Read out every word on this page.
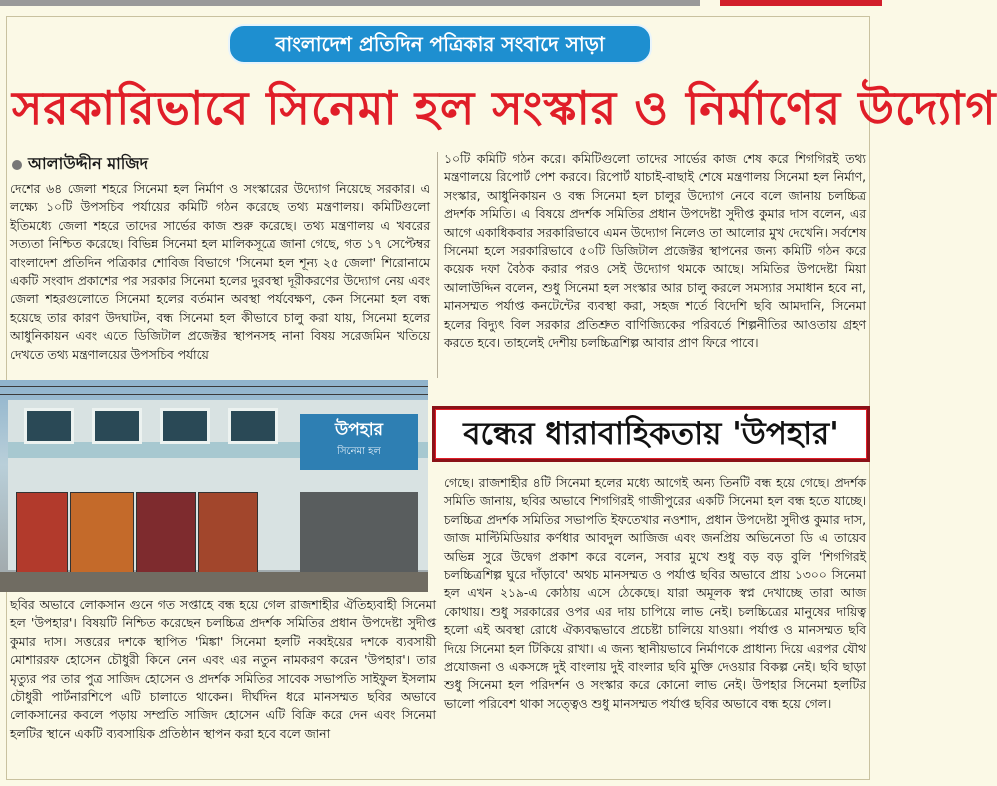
বাংলাদেশ প্রতিদিন পত্রিকার সংবাদে সাড়া
সরকারিভাবে সিনেমা হল সংস্কার ও নির্মাণের উদ্যোগ
আলাউদ্দীন মাজিদ
দেশের ৬৪ জেলা শহরে সিনেমা হল নির্মাণ ও সংস্কারের উদ্যোগ নিয়েছে সরকার। এ লক্ষ্যে ১০টি উপসচিব পর্যায়ের কমিটি গঠন করেছে তথ্য মন্ত্রণালয়। কমিটিগুলো ইতিমধ্যে জেলা শহরে তাদের সার্ভের কাজ শুরু করেছে। তথ্য মন্ত্রণালয় এ খবরের সত্যতা নিশ্চিত করেছে। বিভিন্ন সিনেমা হল মালিকসূত্রে জানা গেছে, গত ১৭ সেপ্টেম্বর বাংলাদেশ প্রতিদিন পত্রিকার শোবিজ বিভাগে 'সিনেমা হল শূন্য ২৫ জেলা' শিরোনামে একটি সংবাদ প্রকাশের পর সরকার সিনেমা হলের দুরবস্থা দূরীকরণের উদ্যোগ নেয় এবং জেলা শহরগুলোতে সিনেমা হলের বর্তমান অবস্থা পর্যবেক্ষণ, কেন সিনেমা হল বন্ধ হয়েছে তার কারণ উদঘাটন, বন্ধ সিনেমা হল কীভাবে চালু করা যায়, সিনেমা হলের আধুনিকায়ন এবং এতে ডিজিটাল প্রজেক্টর স্থাপনসহ নানা বিষয় সরেজমিন খতিয়ে দেখতে তথ্য মন্ত্রণালয়ের উপসচিব পর্যায়ে
১০টি কমিটি গঠন করে। কমিটিগুলো তাদের সার্ভের কাজ শেষ করে শিগগিরই তথ্য মন্ত্রণালয়ে রিপোর্ট পেশ করবে। রিপোর্ট যাচাই-বাছাই শেষে মন্ত্রণালয় সিনেমা হল নির্মাণ, সংস্কার, আধুনিকায়ন ও বন্ধ সিনেমা হল চালুর উদ্যোগ নেবে বলে জানায় চলচ্চিত্র প্রদর্শক সমিতি। এ বিষয়ে প্রদর্শক সমিতির প্রধান উপদেষ্টা সুদীপ্ত কুমার দাস বলেন, এর আগে একাধিকবার সরকারিভাবে এমন উদ্যোগ নিলেও তা আলোর মুখ দেখেনি। সর্বশেষ সিনেমা হলে সরকারিভাবে ৫০টি ডিজিটাল প্রজেক্টর স্থাপনের জন্য কমিটি গঠন করে কয়েক দফা বৈঠক করার পরও সেই উদ্যোগ থমকে আছে। সমিতির উপদেষ্টা মিয়া আলাউদ্দিন বলেন, শুধু সিনেমা হল সংস্কার আর চালু করলে সমস্যার সমাধান হবে না, মানসম্মত পর্যাপ্ত কনটেন্টের ব্যবস্থা করা, সহজ শর্তে বিদেশি ছবি আমদানি, সিনেমা হলের বিদ্যুৎ বিল সরকার প্রতিশ্রুত বাণিজ্যিকের পরিবর্তে শিল্পনীতির আওতায় গ্রহণ করতে হবে। তাহলেই দেশীয় চলচ্চিত্রশিল্প আবার প্রাণ ফিরে পাবে।
উপহার
সিনেমা হল	বন্ধের ধারাবাহিকতায় 'উপহার'
গেছে। রাজশাহীর ৪টি সিনেমা হলের মধ্যে আগেই অন্য তিনটি বন্ধ হয়ে গেছে। প্রদর্শক সমিতি জানায়, ছবির অভাবে শিগগিরই গাজীপুরের একটি সিনেমা হল বন্ধ হতে যাচ্ছে। চলচ্চিত্র প্রদর্শক সমিতির সভাপতি ইফতেখার নওশাদ, প্রধান উপদেষ্টা সুদীপ্ত কুমার দাস, জাজ মাল্টিমিডিয়ার কর্ণধার আবদুল আজিজ এবং জনপ্রিয় অভিনেতা ডি এ তায়েব অভিন্ন সুরে উদ্বেগ প্রকাশ করে বলেন, সবার মুখে শুধু বড় বড় বুলি 'শিগগিরই চলচ্চিত্রশিল্প ঘুরে দাঁড়াবে' অথচ মানসম্মত ও পর্যাপ্ত ছবির অভাবে প্রায় ১৩০০ সিনেমা হল এখন ২১৯-এ কোঠায় এসে ঠেকেছে। যারা অমূলক স্বপ্ন দেখাচ্ছে তারা আজ কোথায়। শুধু সরকারের ওপর এর দায় চাপিয়ে লাভ নেই। চলচ্চিত্রের মানুষের দায়িত্ব হলো এই অবস্থা রোধে ঐক্যবদ্ধভাবে প্রচেষ্টা চালিয়ে যাওয়া। পর্যাপ্ত ও মানসম্মত ছবি দিয়ে সিনেমা হল টিকিয়ে রাখা। এ জন্য স্থানীয়ভাবে নির্মাণকে প্রাধান্য দিয়ে এরপর যৌথ প্রযোজনা ও একসঙ্গে দুই বাংলায় দুই বাংলার ছবি মুক্তি দেওয়ার বিকল্প নেই। ছবি ছাড়া শুধু সিনেমা হল পরিদর্শন ও সংস্কার করে কোনো লাভ নেই। উপহার সিনেমা হলটির ভালো পরিবেশ থাকা সত্ত্বেও শুধু মানসম্মত পর্যাপ্ত ছবির অভাবে বন্ধ হয়ে গেল।
ছবির অভাবে লোকসান গুনে গত সপ্তাহে বন্ধ হয়ে গেল রাজশাহীর ঐতিহ্যবাহী সিনেমা হল 'উপহার'। বিষয়টি নিশ্চিত করেছেন চলচ্চিত্র প্রদর্শক সমিতির প্রধান উপদেষ্টা সুদীপ্ত কুমার দাস। সত্তরের দশকে স্থাপিত 'মিঙ্কা' সিনেমা হলটি নব্বইয়ের দশকে ব্যবসায়ী মোশাররফ হোসেন চৌধুরী কিনে নেন এবং এর নতুন নামকরণ করেন 'উপহার'। তার মৃত্যুর পর তার পুত্র সাজিদ হোসেন ও প্রদর্শক সমিতির সাবেক সভাপতি সাইফুল ইসলাম চৌধুরী পার্টনারশিপে এটি চালাতে থাকেন। দীর্ঘদিন ধরে মানসম্মত ছবির অভাবে লোকসানের কবলে পড়ায় সম্প্রতি সাজিদ হোসেন এটি বিক্রি করে দেন এবং সিনেমা হলটির স্থানে একটি ব্যবসায়িক প্রতিষ্ঠান স্থাপন করা হবে বলে জানা
